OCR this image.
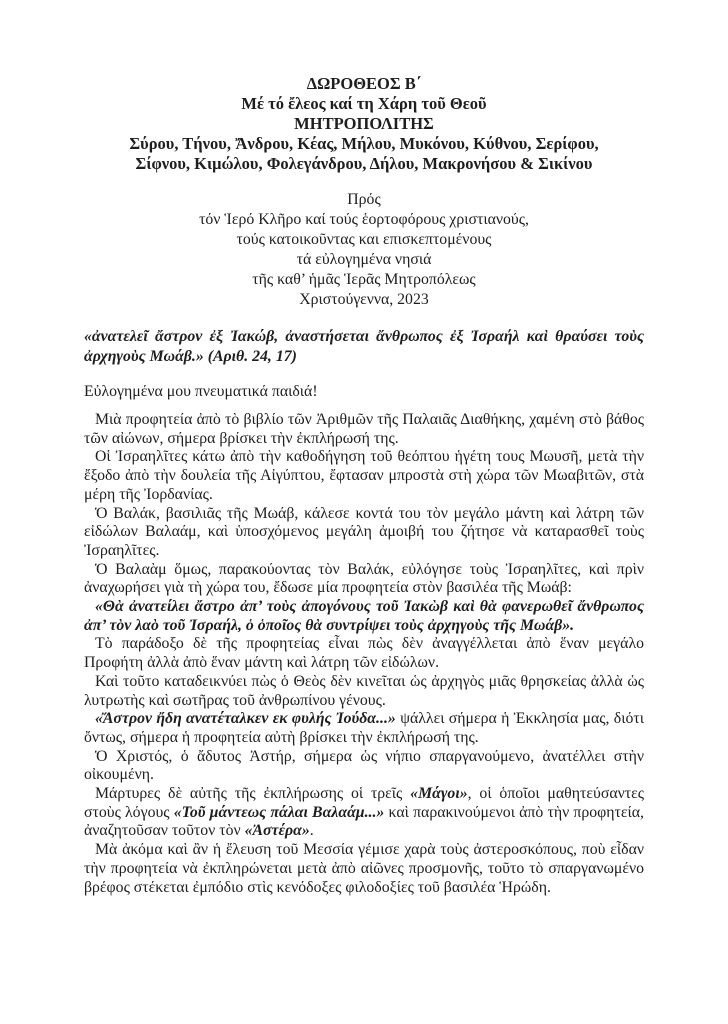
ΔΩΡΟΘΕΟΣ Β΄
Μέ τό ἔλεος καί τη Χάρη τοῦ Θεοῦ
ΜΗΤΡΟΠΟΛΙΤΗΣ
Σύρου, Τήνου, Ἄνδρου, Κέας, Μήλου, Μυκόνου, Κύθνου, Σερίφου,
Σίφνου, Κιμώλου, Φολεγάνδρου, Δήλου, Μακρονήσου & Σικίνου
Πρός
τόν Ἱερό Κλῆρο καί τούς ἑορτοφόρους χριστιανούς,
τούς κατοικοῦντας και επισκεπτομένους
τά εὐλογημένα νησιά
τῆς καθ’ ἡμᾶς Ἱερᾶς Μητροπόλεως
Χριστούγεννα, 2023

«ἀνατελεῖ ἄστρον ἐξ Ἰακώβ, ἀναστήσεται ἄνθρωπος ἐξ Ἰσραήλ καὶ θραύσει τοὺς ἀρχηγοὺς Μωάβ.» (Αριθ. 24, 17)

Εὐλογημένα μου πνευματικά παιδιά!

Μιὰ προφητεία ἀπὸ τὸ βιβλίο τῶν Ἀριθμῶν τῆς Παλαιᾶς Διαθήκης, χαμένη στὸ βάθος τῶν αἰώνων, σήμερα βρίσκει τὴν ἐκπλήρωσή της.

Οἱ Ἰσραηλῖτες κάτω ἀπὸ τὴν καθοδήγηση τοῦ θεόπτου ἡγέτη τους Μωυσῆ, μετὰ τὴν ἔξοδο ἀπὸ τὴν δουλεία τῆς Αἰγύπτου, ἔφτασαν μπροστὰ στὴ χώρα τῶν Μωαβιτῶν, στὰ μέρη τῆς Ἰορδανίας.

Ὁ Βαλάκ, βασιλιᾶς τῆς Μωάβ, κάλεσε κοντά του τὸν μεγάλο μάντη καὶ λάτρη τῶν εἰδώλων Βαλαάμ, καὶ ὑποσχόμενος μεγάλη ἀμοιβή του ζήτησε νὰ καταρασθεῖ τοὺς Ἰσραηλῖτες.

Ὁ Βαλαὰμ ὅμως, παρακούοντας τὸν Βαλάκ, εὐλόγησε τοὺς Ἰσραηλῖτες, καὶ πρὶν ἀναχωρήσει γιὰ τὴ χώρα του, ἔδωσε μία προφητεία στὸν βασιλέα τῆς Μωάβ:

«Θὰ ἀνατείλει ἄστρο ἀπ’ τοὺς ἀπογόνους τοῦ Ἰακὼβ καὶ θὰ φανερωθεῖ ἄνθρωπος ἀπ’ τὸν λαὸ τοῦ Ἰσραήλ, ὁ ὁποῖος θὰ συντρίψει τοὺς ἀρχηγοὺς τῆς Μωάβ».

Τὸ παράδοξο δὲ τῆς προφητείας εἶναι πὼς δὲν ἀναγγέλλεται ἀπὸ ἕναν μεγάλο Προφήτη ἀλλὰ ἀπὸ ἕναν μάντη καὶ λάτρη τῶν εἰδώλων.

Καὶ τοῦτο καταδεικνύει πὼς ὁ Θεὸς δὲν κινεῖται ὡς ἀρχηγὸς μιᾶς θρησκείας ἀλλὰ ὡς λυτρωτὴς καὶ σωτῆρας τοῦ ἀνθρωπίνου γένους.

«Ἄστρον ἤδη ανατέταλκεν εκ φυλής Ἰούδα...» ψάλλει σήμερα ἡ Ἐκκλησία μας, διότι ὄντως, σήμερα ἡ προφητεία αὐτὴ βρίσκει τὴν ἐκπλήρωσή της.

Ὁ Χριστός, ὁ ἄδυτος Ἀστήρ, σήμερα ὡς νήπιο σπαργανούμενο, ἀνατέλλει στὴν οἰκουμένη.

Μάρτυρες δὲ αὐτῆς τῆς ἐκπλήρωσης οἱ τρεῖς «Μάγοι», οἱ ὁποῖοι μαθητεύσαντες στοὺς λόγους «Τοῦ μάντεως πάλαι Βαλαάμ...» καὶ παρακινούμενοι ἀπὸ τὴν προφητεία, ἀναζητοῦσαν τοῦτον τὸν «Ἀστέρα».

Μὰ ἀκόμα καὶ ἂν ἡ ἔλευση τοῦ Μεσσία γέμισε χαρὰ τοὺς ἀστεροσκόπους, ποὺ εἶδαν τὴν προφητεία νὰ ἐκπληρώνεται μετὰ ἀπὸ αἰῶνες προσμονῆς, τοῦτο τὸ σπαργανωμένο βρέφος στέκεται ἐμπόδιο στὶς κενόδοξες φιλοδοξίες τοῦ βασιλέα Ἡρώδη.
